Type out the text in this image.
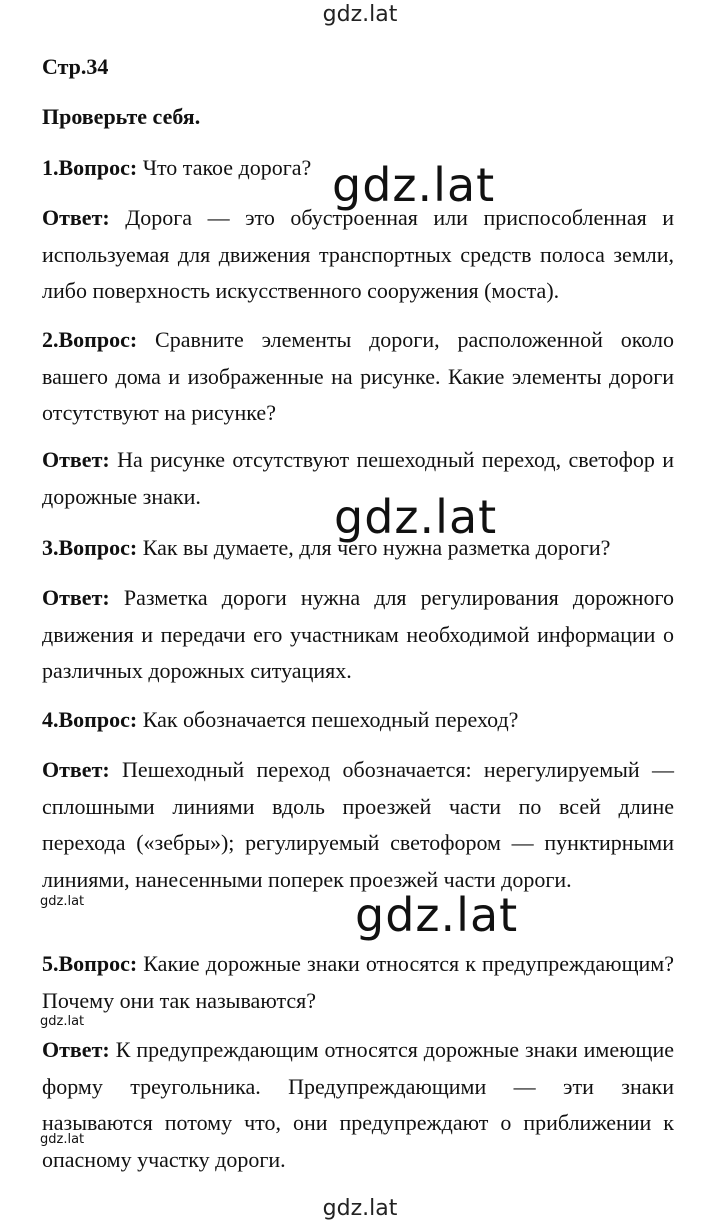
gdz.lat
Стр.34
Проверьте себя.
1.Вопрос: Что такое дорога?
Ответ: Дорога — это обустроенная или приспособленная и используемая для движения транспортных средств полоса земли, либо поверхность искусственного сооружения (моста).
2.Вопрос: Сравните элементы дороги, расположенной около вашего дома и изображенные на рисунке. Какие элементы дороги отсутствуют на рисунке?
Ответ: На рисунке отсутствуют пешеходный переход, светофор и дорожные знаки.
3.Вопрос: Как вы думаете, для чего нужна разметка дороги?
Ответ: Разметка дороги нужна для регулирования дорожного движения и передачи его участникам необходимой информации о различных дорожных ситуациях.
4.Вопрос: Как обозначается пешеходный переход?
Ответ: Пешеходный переход обозначается: нерегулируемый — сплошными линиями вдоль проезжей части по всей длине перехода («зебры»); регулируемый светофором — пунктирными линиями, нанесенными поперек проезжей части дороги.
5.Вопрос: Какие дорожные знаки относятся к предупреждающим? Почему они так называются?
Ответ: К предупреждающим относятся дорожные знаки имеющие форму треугольника. Предупреждающими — эти знаки называются потому что, они предупреждают о приближении к опасному участку дороги.
gdz.lat
gdz.lat
gdz.lat
gdz.lat
gdz.lat
gdz.lat
gdz.lat
